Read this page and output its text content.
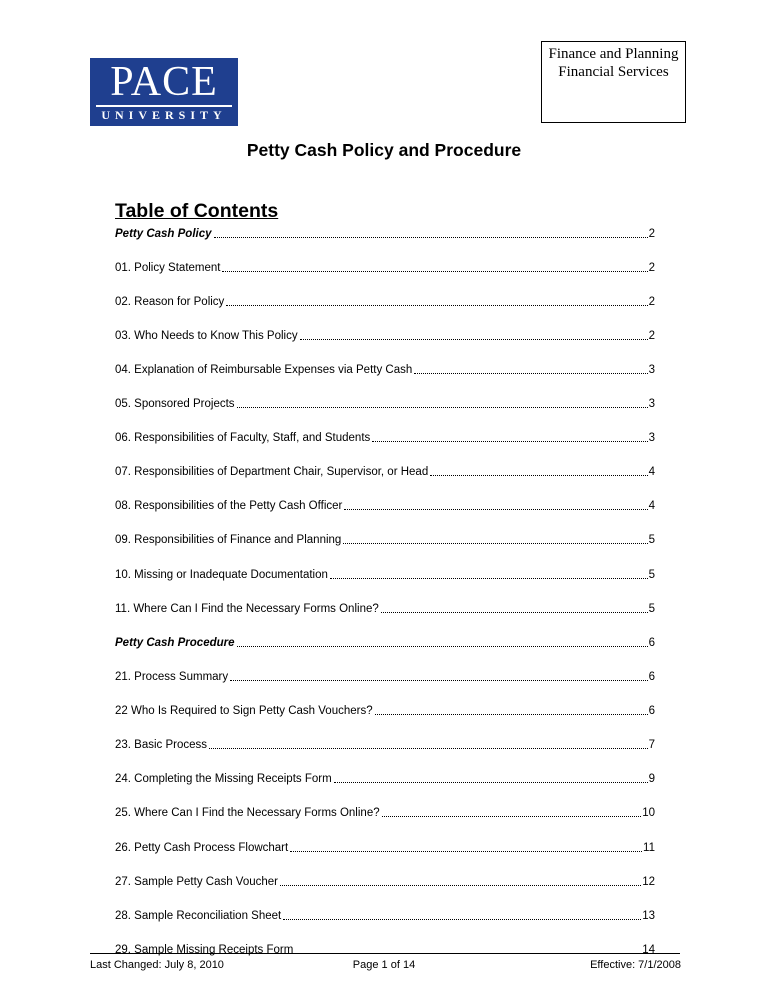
PACE
UNIVERSITY
Finance and Planning
Financial Services
Petty Cash Policy and Procedure
Table of Contents
Petty Cash Policy	2
01. Policy Statement	2
02. Reason for Policy	2
03. Who Needs to Know This Policy	2
04. Explanation of Reimbursable Expenses via Petty Cash	3
05. Sponsored Projects	3
06. Responsibilities of Faculty, Staff, and Students	3
07. Responsibilities of Department Chair, Supervisor, or Head	4
08. Responsibilities of the Petty Cash Officer	4
09. Responsibilities of Finance and Planning	5
10. Missing or Inadequate Documentation	5
11. Where Can I Find the Necessary Forms Online?	5
Petty Cash Procedure	6
21. Process Summary	6
22 Who Is Required to Sign Petty Cash Vouchers?	6
23. Basic Process	7
24. Completing the Missing Receipts Form	9
25. Where Can I Find the Necessary Forms Online?	10
26. Petty Cash Process Flowchart	11
27. Sample Petty Cash Voucher	12
28. Sample Reconciliation Sheet	13
29. Sample Missing Receipts Form	14
Last Changed: July 8, 2010	Page 1 of 14	Effective: 7/1/2008
